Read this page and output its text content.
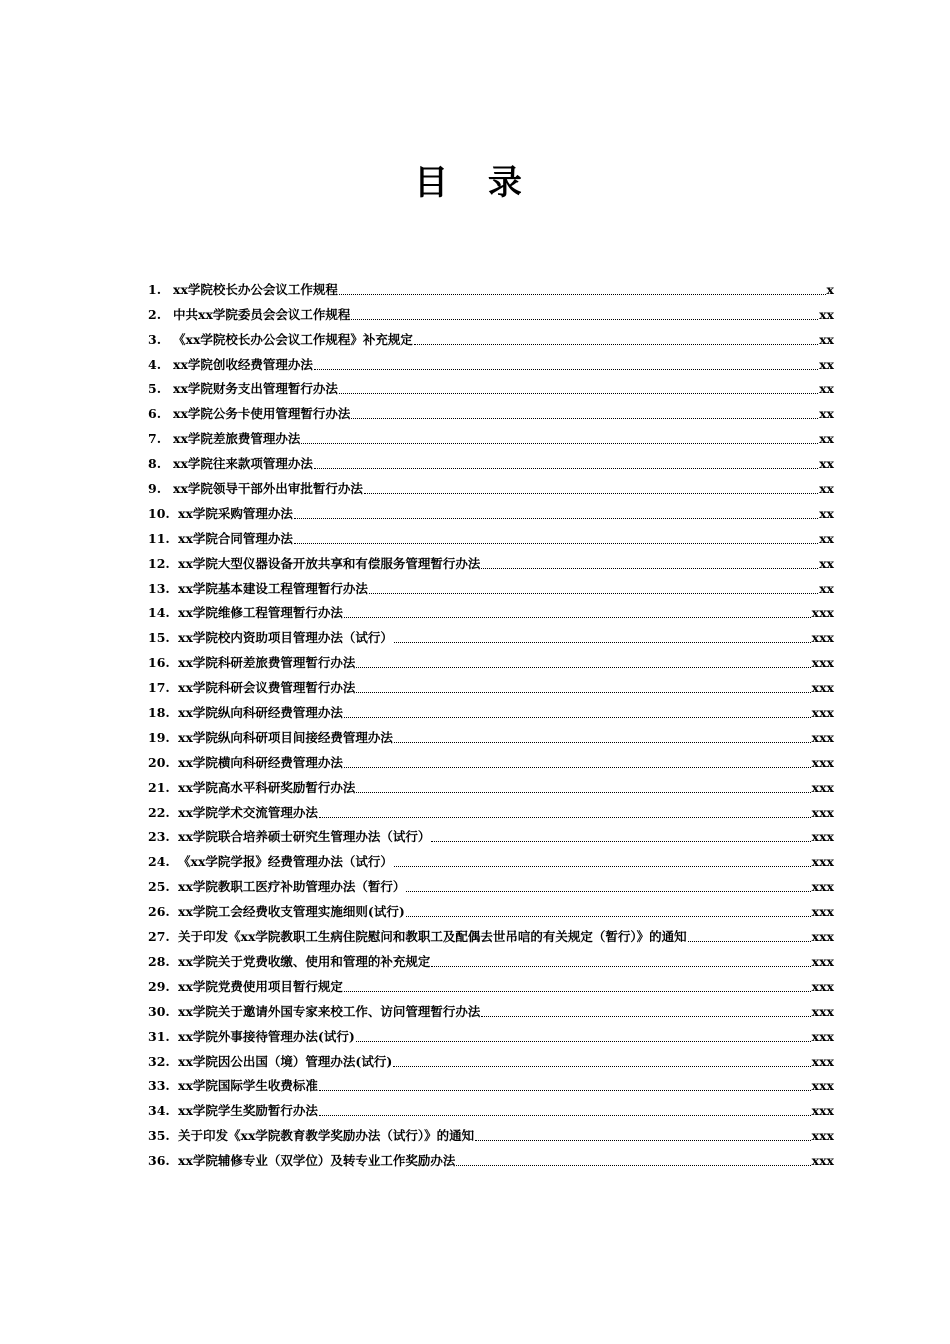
目 录
1. xx学院校长办公会议工作规程	x
2. 中共xx学院委员会会议工作规程	xx
3. 《xx学院校长办公会议工作规程》补充规定	xx
4. xx学院创收经费管理办法	xx
5. xx学院财务支出管理暂行办法	xx
6. xx学院公务卡使用管理暂行办法	xx
7. xx学院差旅费管理办法	xx
8. xx学院往来款项管理办法	xx
9. xx学院领导干部外出审批暂行办法	xx
10. xx学院采购管理办法	xx
11. xx学院合同管理办法	xx
12. xx学院大型仪器设备开放共享和有偿服务管理暂行办法	xx
13. xx学院基本建设工程管理暂行办法	xx
14. xx学院维修工程管理暂行办法	xxx
15. xx学院校内资助项目管理办法（试行）	xxx
16. xx学院科研差旅费管理暂行办法	xxx
17. xx学院科研会议费管理暂行办法	xxx
18. xx学院纵向科研经费管理办法	xxx
19. xx学院纵向科研项目间接经费管理办法	xxx
20. xx学院横向科研经费管理办法	xxx
21. xx学院高水平科研奖励暂行办法	xxx
22. xx学院学术交流管理办法	xxx
23. xx学院联合培养硕士研究生管理办法（试行）	xxx
24. 《xx学院学报》经费管理办法（试行）	xxx
25. xx学院教职工医疗补助管理办法（暂行）	xxx
26. xx学院工会经费收支管理实施细则(试行)	xxx
27. 关于印发《xx学院教职工生病住院慰问和教职工及配偶去世吊唁的有关规定（暂行）》的通知	xxx
28. xx学院关于党费收缴、使用和管理的补充规定	xxx
29. xx学院党费使用项目暂行规定	xxx
30. xx学院关于邀请外国专家来校工作、访问管理暂行办法	xxx
31. xx学院外事接待管理办法(试行)	xxx
32. xx学院因公出国（境）管理办法(试行)	xxx
33. xx学院国际学生收费标准	xxx
34. xx学院学生奖励暂行办法	xxx
35. 关于印发《xx学院教育教学奖励办法（试行）》的通知	xxx
36. xx学院辅修专业（双学位）及转专业工作奖励办法	xxx
